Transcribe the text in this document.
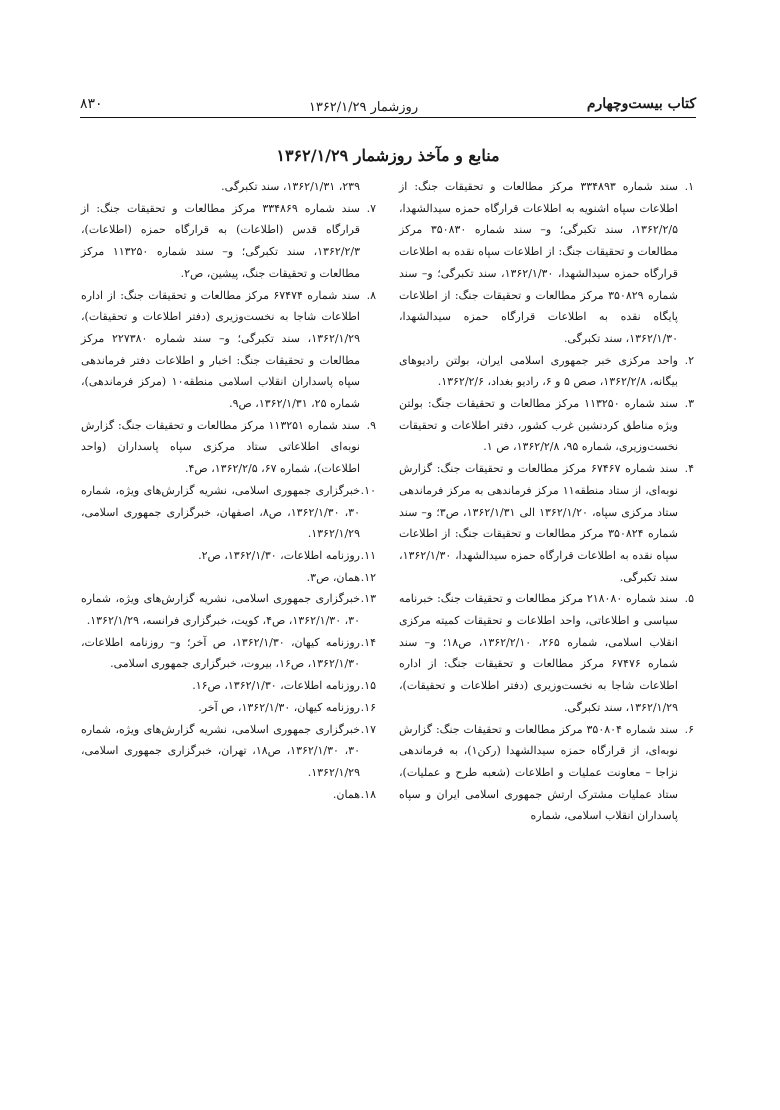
کتاب بیست‌وچهارم
روزشمار ۱۳۶۲/۱/۲۹
۸۳۰
منابع و مآخذ روزشمار ۱۳۶۲/۱/۲۹

۱.
سند شماره ۳۳۴۸۹۳ مرکز مطالعات و تحقیقات جنگ: از اطلاعات سپاه اشنویه به اطلاعات قرارگاه حمزه سیدالشهدا، ۱۳۶۲/۲/۵، سند تکبرگی؛ و– سند شماره ۳۵۰۸۳۰ مرکز مطالعات و تحقیقات جنگ: از اطلاعات سپاه نقده به اطلاعات قرارگاه حمزه سیدالشهدا، ۱۳۶۲/۱/۳۰، سند تکبرگی؛ و– سند شماره ۳۵۰۸۲۹ مرکز مطالعات و تحقیقات جنگ: از اطلاعات پایگاه نقده به اطلاعات قرارگاه حمزه سیدالشهدا، ۱۳۶۲/۱/۳۰، سند تکبرگی.

۲.
واحد مرکزی خبر جمهوری اسلامی ایران، بولتن رادیوهای بیگانه، ۱۳۶۲/۲/۸، صص ۵ و ۶، رادیو بغداد، ۱۳۶۲/۲/۶.

۳.
سند شماره ۱۱۳۲۵۰ مرکز مطالعات و تحقیقات جنگ: بولتن ویژه مناطق کردنشین غرب کشور، دفتر اطلاعات و تحقیقات نخست‌وزیری، شماره ۹۵، ۱۳۶۲/۲/۸، ص ۱.

۴.
سند شماره ۶۷۴۶۷ مرکز مطالعات و تحقیقات جنگ: گزارش نوبه‌ای، از ستاد منطقه۱۱ مرکز فرماندهی به مرکز فرماندهی ستاد مرکزی سپاه، ۱۳۶۲/۱/۲۰ الی ۱۳۶۲/۱/۳۱، ص۳؛ و– سند شماره ۳۵۰۸۲۴ مرکز مطالعات و تحقیقات جنگ: از اطلاعات سپاه نقده به اطلاعات قرارگاه حمزه سیدالشهدا، ۱۳۶۲/۱/۳۰، سند تکبرگی.

۵.
سند شماره ۲۱۸۰۸۰ مرکز مطالعات و تحقیقات جنگ: خبرنامه سیاسی و اطلاعاتی، واحد اطلاعات و تحقیقات کمیته مرکزی انقلاب اسلامی، شماره ۲۶۵، ۱۳۶۲/۲/۱۰، ص۱۸؛ و– سند شماره ۶۷۴۷۶ مرکز مطالعات و تحقیقات جنگ: از اداره اطلاعات شاجا به نخست‌وزیری (دفتر اطلاعات و تحقیقات)، ۱۳۶۲/۱/۲۹، سند تکبرگی.

۶.
سند شماره ۳۵۰۸۰۴ مرکز مطالعات و تحقیقات جنگ: گزارش نوبه‌ای، از قرارگاه حمزه سیدالشهدا (رکن۱)، به فرماندهی نزاجا – معاونت عملیات و اطلاعات (شعبه طرح و عملیات)، ستاد عملیات مشترک ارتش جمهوری اسلامی ایران و سپاه پاسداران انقلاب اسلامی، شماره

۲۳۹، ۱۳۶۲/۱/۳۱، سند تکبرگی.

۷.
سند شماره ۳۳۴۸۶۹ مرکز مطالعات و تحقیقات جنگ: از قرارگاه قدس (اطلاعات) به قرارگاه حمزه (اطلاعات)، ۱۳۶۲/۲/۳، سند تکبرگی؛ و– سند شماره ۱۱۳۲۵۰ مرکز مطالعات و تحقیقات جنگ، پیشین، ص۲.

۸.
سند شماره ۶۷۴۷۴ مرکز مطالعات و تحقیقات جنگ: از اداره اطلاعات شاجا به نخست‌وزیری (دفتر اطلاعات و تحقیقات)، ۱۳۶۲/۱/۲۹، سند تکبرگی؛ و– سند شماره ۲۲۷۳۸۰ مرکز مطالعات و تحقیقات جنگ: اخبار و اطلاعات دفتر فرماندهی سپاه پاسداران انقلاب اسلامی منطقه۱۰ (مرکز فرماندهی)، شماره ۲۵، ۱۳۶۲/۱/۳۱، ص۹.

۹.
سند شماره ۱۱۳۲۵۱ مرکز مطالعات و تحقیقات جنگ: گزارش نوبه‌ای اطلاعاتی ستاد مرکزی سپاه پاسداران (واحد اطلاعات)، شماره ۶۷، ۱۳۶۲/۲/۵، ص۴.

۱۰.
خبرگزاری جمهوری اسلامی، نشریه گزارش‌های ویژه، شماره ۳۰، ۱۳۶۲/۱/۳۰، ص۸، اصفهان، خبرگزاری جمهوری اسلامی، ۱۳۶۲/۱/۲۹.

۱۱.
روزنامه اطلاعات، ۱۳۶۲/۱/۳۰، ص۲.

۱۲.
همان، ص۳.

۱۳.
خبرگزاری جمهوری اسلامی، نشریه گزارش‌های ویژه، شماره ۳۰، ۱۳۶۲/۱/۳۰، ص۴، کویت، خبرگزاری فرانسه، ۱۳۶۲/۱/۲۹.

۱۴.
روزنامه کیهان، ۱۳۶۲/۱/۳۰، ص آخر؛ و– روزنامه اطلاعات، ۱۳۶۲/۱/۳۰، ص۱۶، بیروت، خبرگزاری جمهوری اسلامی.

۱۵.
روزنامه اطلاعات، ۱۳۶۲/۱/۳۰، ص۱۶.

۱۶.
روزنامه کیهان، ۱۳۶۲/۱/۳۰، ص آخر.

۱۷.
خبرگزاری جمهوری اسلامی، نشریه گزارش‌های ویژه، شماره ۳۰، ۱۳۶۲/۱/۳۰، ص۱۸، تهران، خبرگزاری جمهوری اسلامی، ۱۳۶۲/۱/۲۹.

۱۸.
همان.
